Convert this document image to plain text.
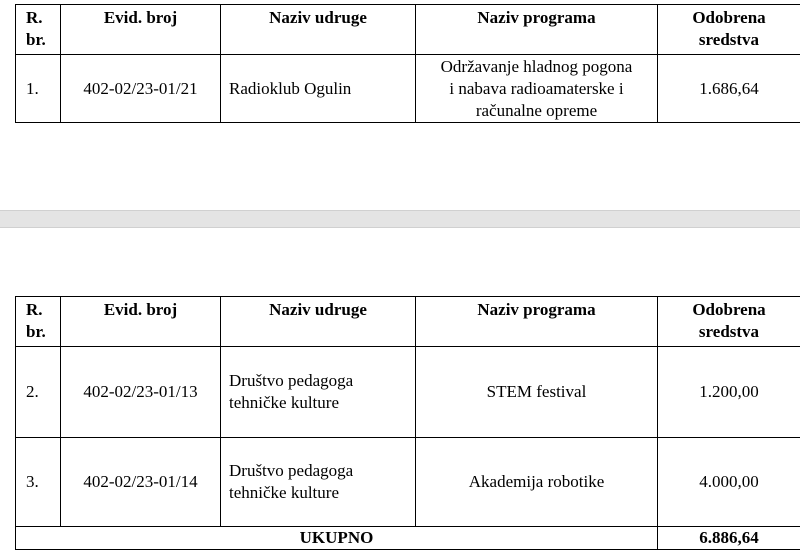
R.
br.	Evid. broj	Naziv udruge	Naziv programa	Odobrena
sredstva
1.	402-02/23-01/21	Radioklub Ogulin	Održavanje hladnog pogona
i nabava radioamaterske i
računalne opreme	1.686,64
R.
br.	Evid. broj	Naziv udruge	Naziv programa	Odobrena
sredstva
2.	402-02/23-01/13	Društvo pedagoga
tehničke kulture	STEM festival	1.200,00
3.	402-02/23-01/14	Društvo pedagoga
tehničke kulture	Akademija robotike	4.000,00
UKUPNO				6.886,64
